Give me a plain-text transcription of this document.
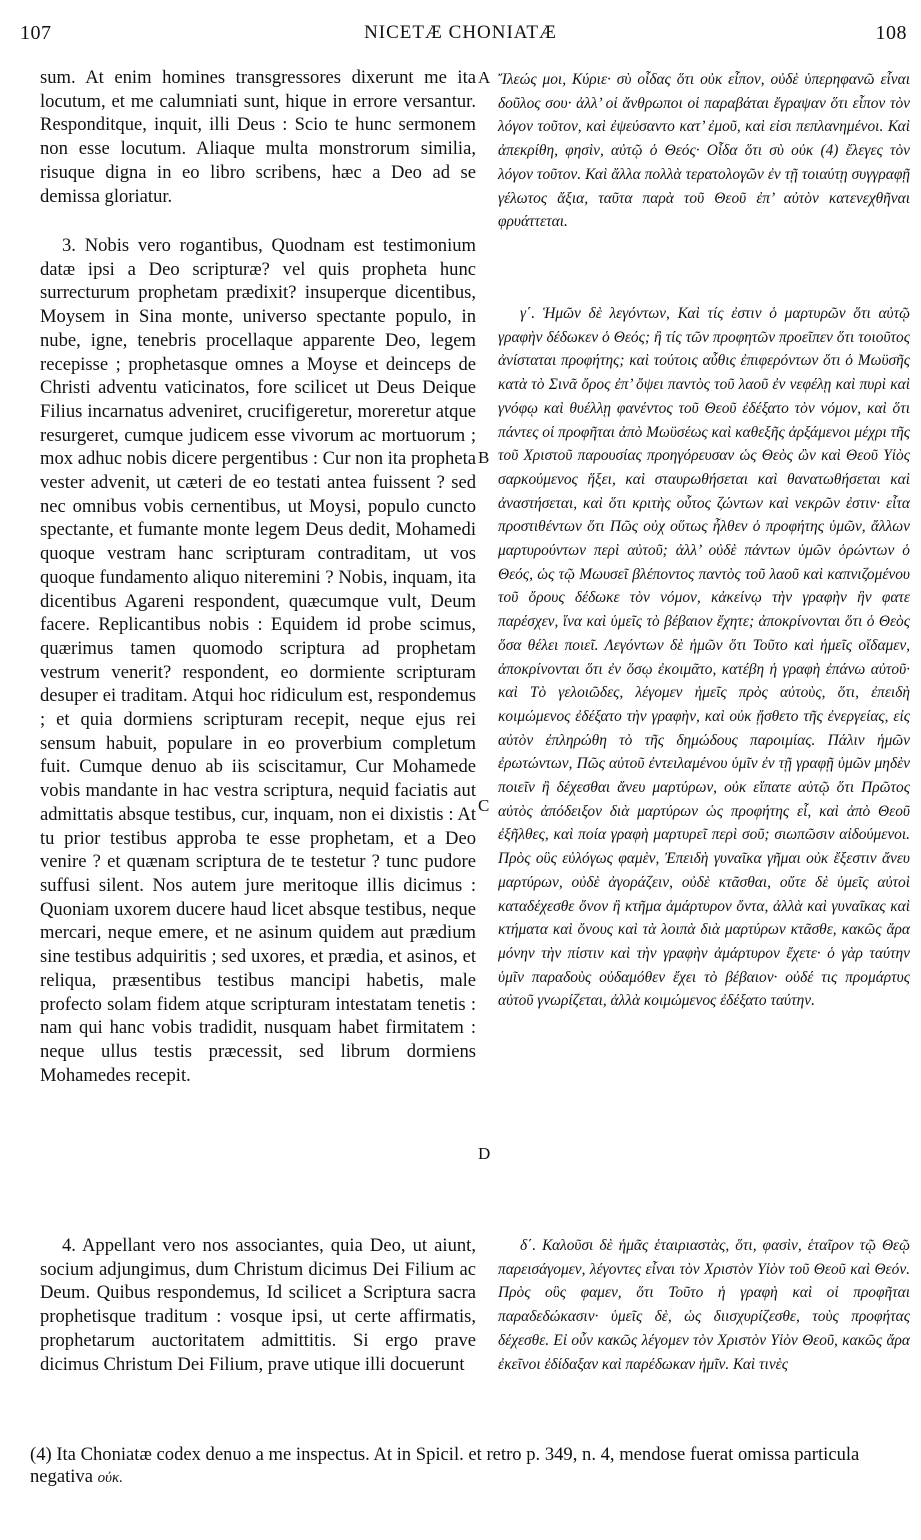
107	NICETÆ CHONIATÆ	108

sum. At enim homines transgressores dixerunt me ita locutum, et me calumniati sunt, hique in errore versantur. Responditque, inquit, illi Deus : Scio te hunc sermonem non esse locutum. Aliaque multa monstrorum similia, risuque digna in eo libro scribens, hæc a Deo ad se demissa gloriatur.

3. Nobis vero rogantibus, Quodnam est testimonium datæ ipsi a Deo scripturæ? vel quis propheta hunc surrecturum prophetam prædixit? insuperque dicentibus, Moysem in Sina monte, universo spectante populo, in nube, igne, tenebris procellaque apparente Deo, legem recepisse ; prophetasque omnes a Moyse et deinceps de Christi adventu vaticinatos, fore scilicet ut Deus Deique Filius incarnatus adveniret, crucifigeretur, moreretur atque resurgeret, cumque judicem esse vivorum ac mortuorum ; mox adhuc nobis dicere pergentibus : Cur non ita propheta vester advenit, ut cæteri de eo testati antea fuissent ? sed nec omnibus vobis cernentibus, ut Moysi, populo cuncto spectante, et fumante monte legem Deus dedit, Mohamedi quoque vestram hanc scripturam contraditam, ut vos quoque fundamento aliquo niteremini ? Nobis, inquam, ita dicentibus Agareni respondent, quæcumque vult, Deum facere. Replicantibus nobis : Equidem id probe scimus, quærimus tamen quomodo scriptura ad prophetam vestrum venerit? respondent, eo dormiente scripturam desuper ei traditam. Atqui hoc ridiculum est, respondemus ; et quia dormiens scripturam recepit, neque ejus rei sensum habuit, populare in eo proverbium completum fuit. Cumque denuo ab iis sciscitamur, Cur Mohamede vobis mandante in hac vestra scriptura, nequid faciatis aut admittatis absque testibus, cur, inquam, non ei dixistis : At tu prior testibus approba te esse prophetam, et a Deo venire ? et quænam scriptura de te testetur ? tunc pudore suffusi silent. Nos autem jure meritoque illis dicimus : Quoniam uxorem ducere haud licet absque testibus, neque mercari, neque emere, et ne asinum quidem aut prædium sine testibus adquiritis ; sed uxores, et prædia, et asinos, et reliqua, præsentibus testibus mancipi habetis, male profecto solam fidem atque scripturam intestatam tenetis : nam qui hanc vobis tradidit, nusquam habet firmitatem : neque ullus testis præcessit, sed librum dormiens Mohamedes recepit.

4. Appellant vero nos associantes, quia Deo, ut aiunt, socium adjungimus, dum Christum dicimus Dei Filium ac Deum. Quibus respondemus, Id scilicet a Scriptura sacra prophetisque traditum : vosque ipsi, ut certe affirmatis, prophetarum auctoritatem admittitis. Si ergo prave dicimus Christum Dei Filium, prave utique illi docuerunt

A
B
C
D

Ἴλεώς μοι, Κύριε· σὺ οἶδας ὅτι οὐκ εἶπον, οὐδὲ ὑπερηφανῶ εἶναι δοῦλος σου· ἀλλ’ οἱ ἄνθρωποι οἱ παραβάται ἔγραψαν ὅτι εἶπον τὸν λόγον τοῦτον, καὶ ἐψεύσαντο κατ’ ἐμοῦ, καὶ εἰσι πεπλανημένοι. Καὶ ἀπεκρίθη, φησὶν, αὐτῷ ὁ Θεός· Οἶδα ὅτι σὺ οὐκ (4) ἔλεγες τὸν λόγον τοῦτον. Καὶ ἄλλα πολλὰ τερατολογῶν ἐν τῇ τοιαύτῃ συγγραφῇ γέλωτος ἄξια, ταῦτα παρὰ τοῦ Θεοῦ ἐπ’ αὐτὸν κατενεχθῆναι φρυάττεται.

γ΄. Ἡμῶν δὲ λεγόντων, Καὶ τίς ἐστιν ὁ μαρτυρῶν ὅτι αὐτῷ γραφὴν δέδωκεν ὁ Θεός; ἢ τίς τῶν προφητῶν προεῖπεν ὅτι τοιοῦτος ἀνίσταται προφήτης; καὶ τούτοις αὖθις ἐπιφερόντων ὅτι ὁ Μωϋσῆς κατὰ τὸ Σινᾶ ὄρος ἐπ’ ὄψει παντὸς τοῦ λαοῦ ἐν νεφέλῃ καὶ πυρὶ καὶ γνόφῳ καὶ θυέλλῃ φανέντος τοῦ Θεοῦ ἐδέξατο τὸν νόμον, καὶ ὅτι πάντες οἱ προφῆται ἀπὸ Μωϋσέως καὶ καθεξῆς ἀρξάμενοι μέχρι τῆς τοῦ Χριστοῦ παρουσίας προηγόρευσαν ὡς Θεὸς ὢν καὶ Θεοῦ Υἱὸς σαρκούμενος ἥξει, καὶ σταυρωθήσεται καὶ θανατωθήσεται καὶ ἀναστήσεται, καὶ ὅτι κριτὴς οὗτος ζώντων καὶ νεκρῶν ἐστιν· εἶτα προστιθέντων ὅτι Πῶς οὐχ οὕτως ἦλθεν ὁ προφήτης ὑμῶν, ἄλλων μαρτυρούντων περὶ αὐτοῦ; ἀλλ’ οὐδὲ πάντων ὑμῶν ὁρώντων ὁ Θεός, ὡς τῷ Μωυσεῖ βλέποντος παντὸς τοῦ λαοῦ καὶ καπνιζομένου τοῦ ὄρους δέδωκε τὸν νόμον, κἀκείνῳ τὴν γραφὴν ἣν φατε παρέσχεν, ἵνα καὶ ὑμεῖς τὸ βέβαιον ἔχητε; ἀποκρίνονται ὅτι ὁ Θεὸς ὅσα θέλει ποιεῖ. Λεγόντων δὲ ἡμῶν ὅτι Τοῦτο καὶ ἡμεῖς οἴδαμεν, ἀποκρίνονται ὅτι ἐν ὅσῳ ἐκοιμᾶτο, κατέβη ἡ γραφὴ ἐπάνω αὐτοῦ· καὶ Τὸ γελοιῶδες, λέγομεν ἡμεῖς πρὸς αὐτοὺς, ὅτι, ἐπειδὴ κοιμώμενος ἐδέξατο τὴν γραφὴν, καὶ οὐκ ᾔσθετο τῆς ἐνεργείας, εἰς αὐτὸν ἐπληρώθη τὸ τῆς δημώδους παροιμίας. Πάλιν ἡμῶν ἐρωτώντων, Πῶς αὐτοῦ ἐντειλαμένου ὑμῖν ἐν τῇ γραφῇ ὑμῶν μηδὲν ποιεῖν ἢ δέχεσθαι ἄνευ μαρτύρων, οὐκ εἴπατε αὐτῷ ὅτι Πρῶτος αὐτὸς ἀπόδειξον διὰ μαρτύρων ὡς προφήτης εἶ, καὶ ἀπὸ Θεοῦ ἐξῆλθες, καὶ ποία γραφὴ μαρτυρεῖ περὶ σοῦ; σιωπῶσιν αἰδούμενοι. Πρὸς οὓς εὐλόγως φαμὲν, Ἐπειδὴ γυναῖκα γῆμαι οὐκ ἔξεστιν ἄνευ μαρτύρων, οὐδὲ ἀγοράζειν, οὐδὲ κτᾶσθαι, οὔτε δὲ ὑμεῖς αὐτοὶ καταδέχεσθε ὄνον ἢ κτῆμα ἀμάρτυρον ὄντα, ἀλλὰ καὶ γυναῖκας καὶ κτήματα καὶ ὄνους καὶ τὰ λοιπὰ διὰ μαρτύρων κτᾶσθε, κακῶς ἄρα μόνην τὴν πίστιν καὶ τὴν γραφὴν ἀμάρτυρον ἔχετε· ὁ γὰρ ταύτην ὑμῖν παραδοὺς οὐδαμόθεν ἔχει τὸ βέβαιον· οὐδέ τις προμάρτυς αὐτοῦ γνωρίζεται, ἀλλὰ κοιμώμενος ἐδέξατο ταύτην.

δ΄. Καλοῦσι δὲ ἡμᾶς ἑταιριαστὰς, ὅτι, φασὶν, ἑταῖρον τῷ Θεῷ παρεισάγομεν, λέγοντες εἶναι τὸν Χριστὸν Υἱὸν τοῦ Θεοῦ καὶ Θεόν. Πρὸς οὓς φαμεν, ὅτι Τοῦτο ἡ γραφὴ καὶ οἱ προφῆται παραδεδώκασιν· ὑμεῖς δὲ, ὡς διισχυρίζεσθε, τοὺς προφήτας δέχεσθε. Εἰ οὖν κακῶς λέγομεν τὸν Χριστὸν Υἱὸν Θεοῦ, κακῶς ἄρα ἐκεῖνοι ἐδίδαξαν καὶ παρέδωκαν ἡμῖν. Καὶ τινὲς

(4) Ita Choniatæ codex denuo a me inspectus. At in Spicil. et retro p. 349, n. 4, mendose fuerat omissa particula negativa οὐκ.
